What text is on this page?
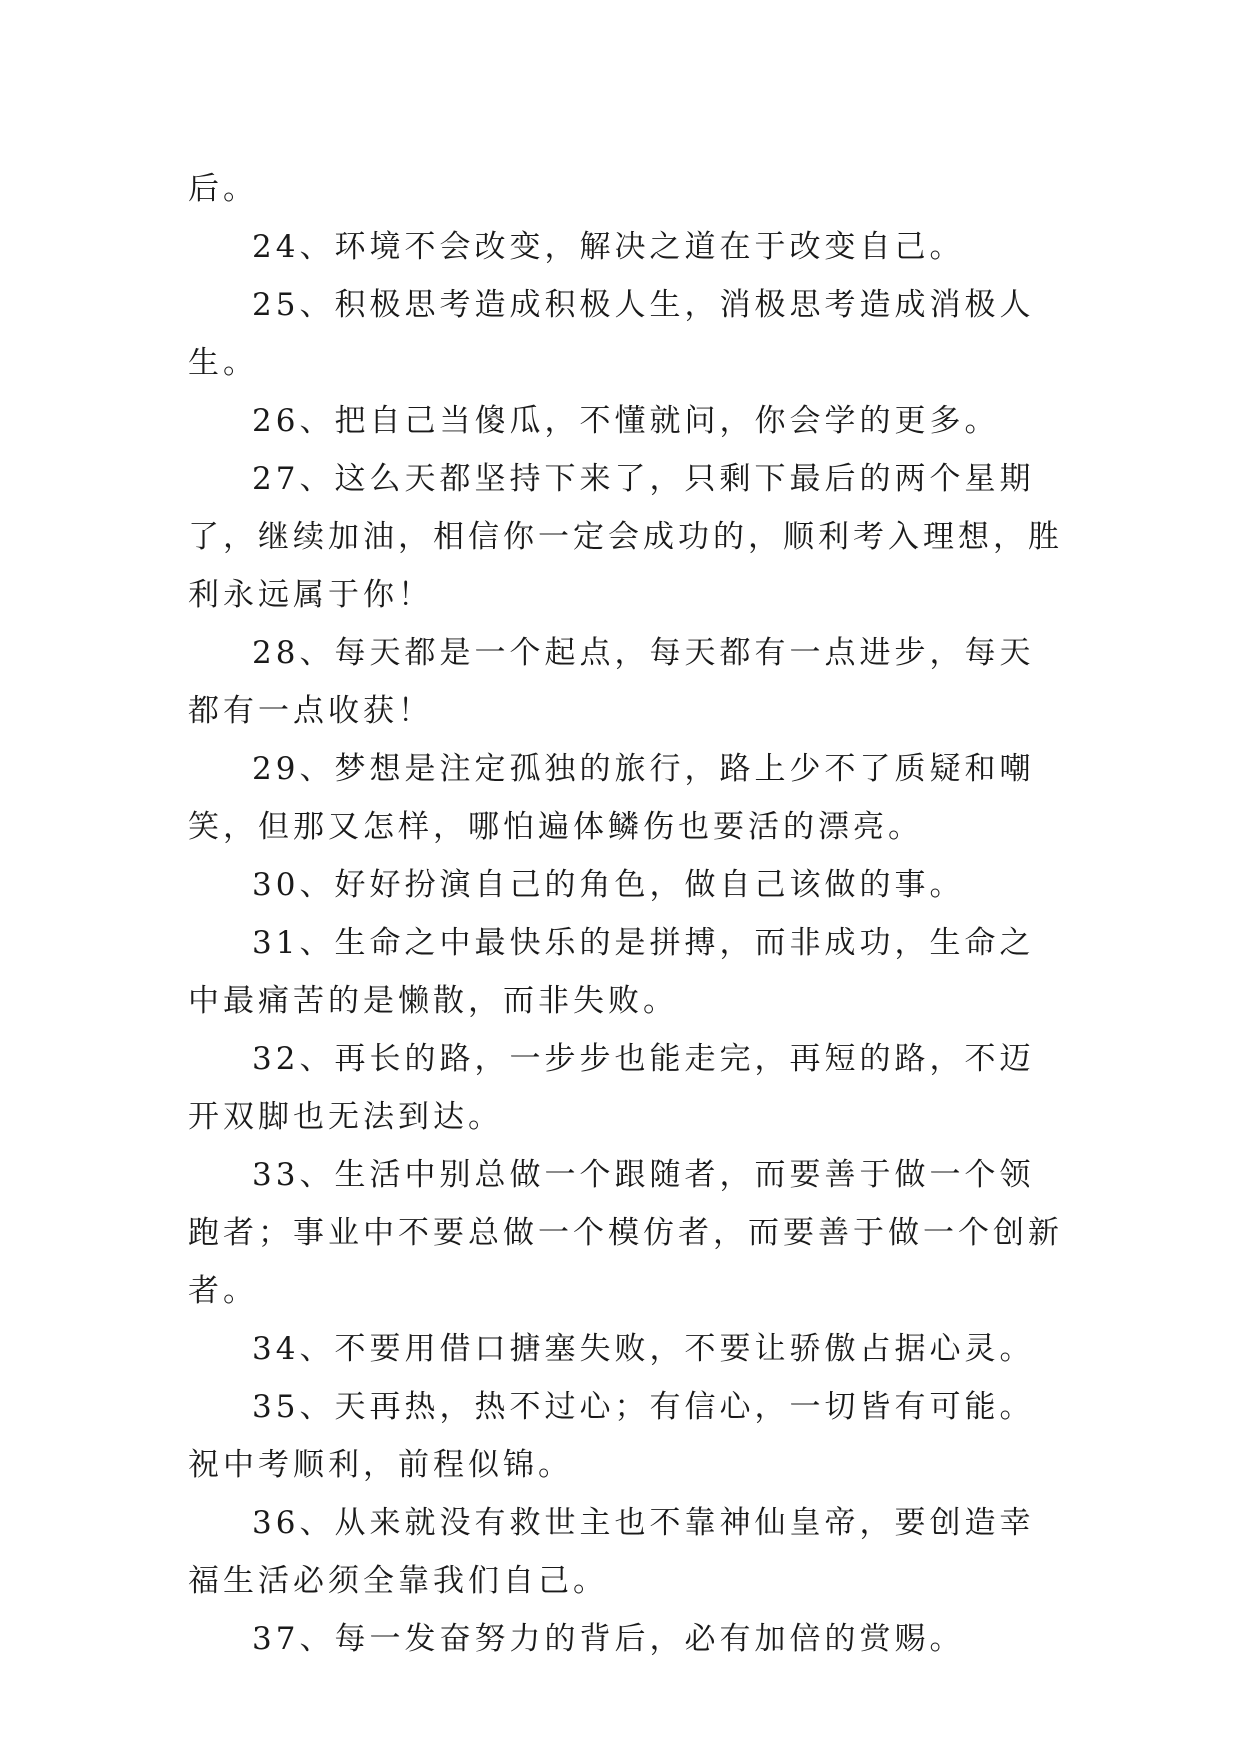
后。

24、环境不会改变，解决之道在于改变自己。

25、积极思考造成积极人生，消极思考造成消极人生。

26、把自己当傻瓜，不懂就问，你会学的更多。

27、这么天都坚持下来了，只剩下最后的两个星期了，继续加油，相信你一定会成功的，顺利考入理想，胜利永远属于你！

28、每天都是一个起点，每天都有一点进步，每天都有一点收获！

29、梦想是注定孤独的旅行，路上少不了质疑和嘲笑，但那又怎样，哪怕遍体鳞伤也要活的漂亮。

30、好好扮演自己的角色，做自己该做的事。

31、生命之中最快乐的是拼搏，而非成功，生命之中最痛苦的是懒散，而非失败。

32、再长的路，一步步也能走完，再短的路，不迈开双脚也无法到达。

33、生活中别总做一个跟随者，而要善于做一个领跑者；事业中不要总做一个模仿者，而要善于做一个创新者。

34、不要用借口搪塞失败，不要让骄傲占据心灵。

35、天再热，热不过心；有信心，一切皆有可能。祝中考顺利，前程似锦。

36、从来就没有救世主也不靠神仙皇帝，要创造幸福生活必须全靠我们自己。

37、每一发奋努力的背后，必有加倍的赏赐。
